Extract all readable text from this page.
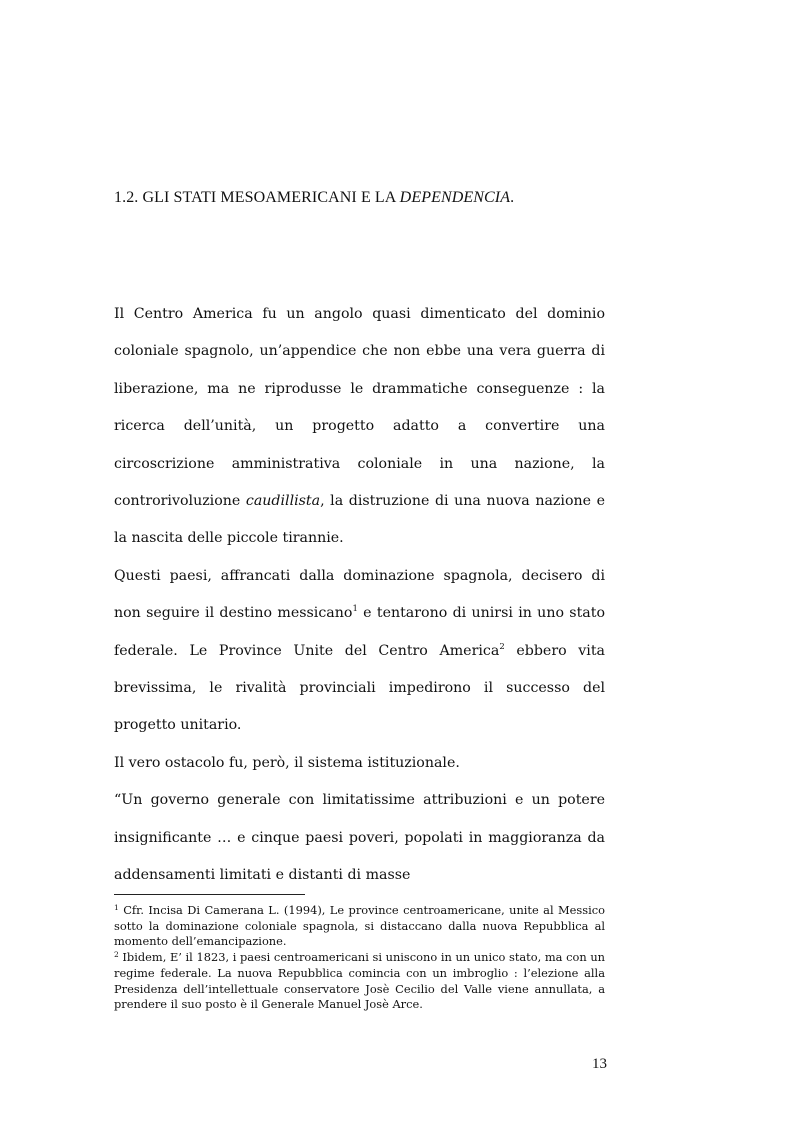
1.2. GLI STATI MESOAMERICANI E LA DEPENDENCIA.

Il Centro America fu un angolo quasi dimenticato del dominio coloniale spagnolo, un’appendice che non ebbe una vera guerra di liberazione, ma ne riprodusse le drammatiche conseguenze : la ricerca dell’unità, un progetto adatto a convertire una circoscrizione amministrativa coloniale in una nazione, la controrivoluzione caudillista, la distruzione di una nuova nazione e la nascita delle piccole tirannie.

Questi paesi, affrancati dalla dominazione spagnola, decisero di non seguire il destino messicano$^1$ e tentarono di unirsi in uno stato federale. Le Province Unite del Centro America$^2$ ebbero vita brevissima, le rivalità provinciali impedirono il successo del progetto unitario.

Il vero ostacolo fu, però, il sistema istituzionale.

“Un governo generale con limitatissime attribuzioni e un potere insignificante … e cinque paesi poveri, popolati in maggioranza da addensamenti limitati e distanti di masse

$^1$ Cfr. Incisa Di Camerana L. (1994), Le province centroamericane, unite al Messico sotto la dominazione coloniale spagnola, si distaccano dalla nuova Repubblica al momento dell’emancipazione.

$^2$ Ibidem, E’ il 1823, i paesi centroamericani si uniscono in un unico stato, ma con un regime federale. La nuova Repubblica comincia con un imbroglio : l’elezione alla Presidenza dell’intellettuale conservatore Josè Cecilio del Valle viene annullata, a prendere il suo posto è il Generale Manuel Josè Arce.

13
